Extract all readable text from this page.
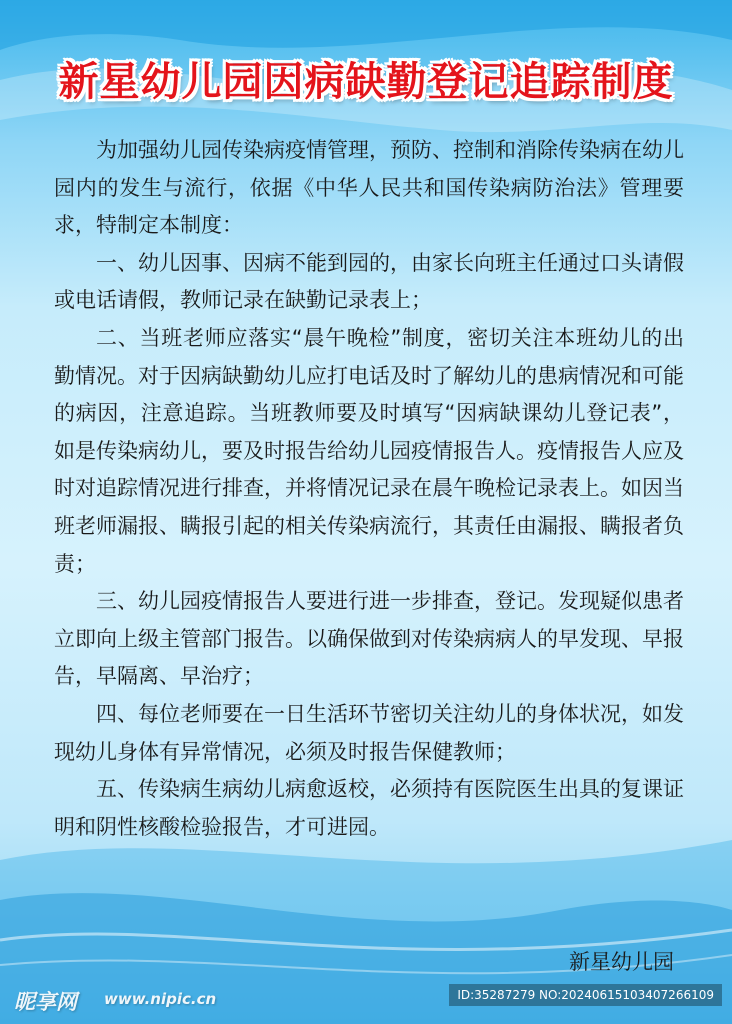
新星幼儿园因病缺勤登记追踪制度

为加强幼儿园传染病疫情管理，预防、控制和消除传染病在幼儿园内的发生与流行，依据《中华人民共和国传染病防治法》管理要求，特制定本制度：

一、幼儿因事、因病不能到园的，由家长向班主任通过口头请假或电话请假，教师记录在缺勤记录表上；

二、当班老师应落实“晨午晚检”制度，密切关注本班幼儿的出勤情况。对于因病缺勤幼儿应打电话及时了解幼儿的患病情况和可能的病因，注意追踪。当班教师要及时填写“因病缺课幼儿登记表”，如是传染病幼儿，要及时报告给幼儿园疫情报告人。疫情报告人应及时对追踪情况进行排查，并将情况记录在晨午晚检记录表上。如因当班老师漏报、瞒报引起的相关传染病流行，其责任由漏报、瞒报者负责；

三、幼儿园疫情报告人要进行进一步排查，登记。发现疑似患者立即向上级主管部门报告。以确保做到对传染病病人的早发现、早报告，早隔离、早治疗；

四、每位老师要在一日生活环节密切关注幼儿的身体状况，如发现幼儿身体有异常情况，必须及时报告保健教师；

五、传染病生病幼儿病愈返校，必须持有医院医生出具的复课证明和阴性核酸检验报告，才可进园。

新星幼儿园
昵享网 www.nipic.cn	ID:35287279 NO:20240615103407266109
